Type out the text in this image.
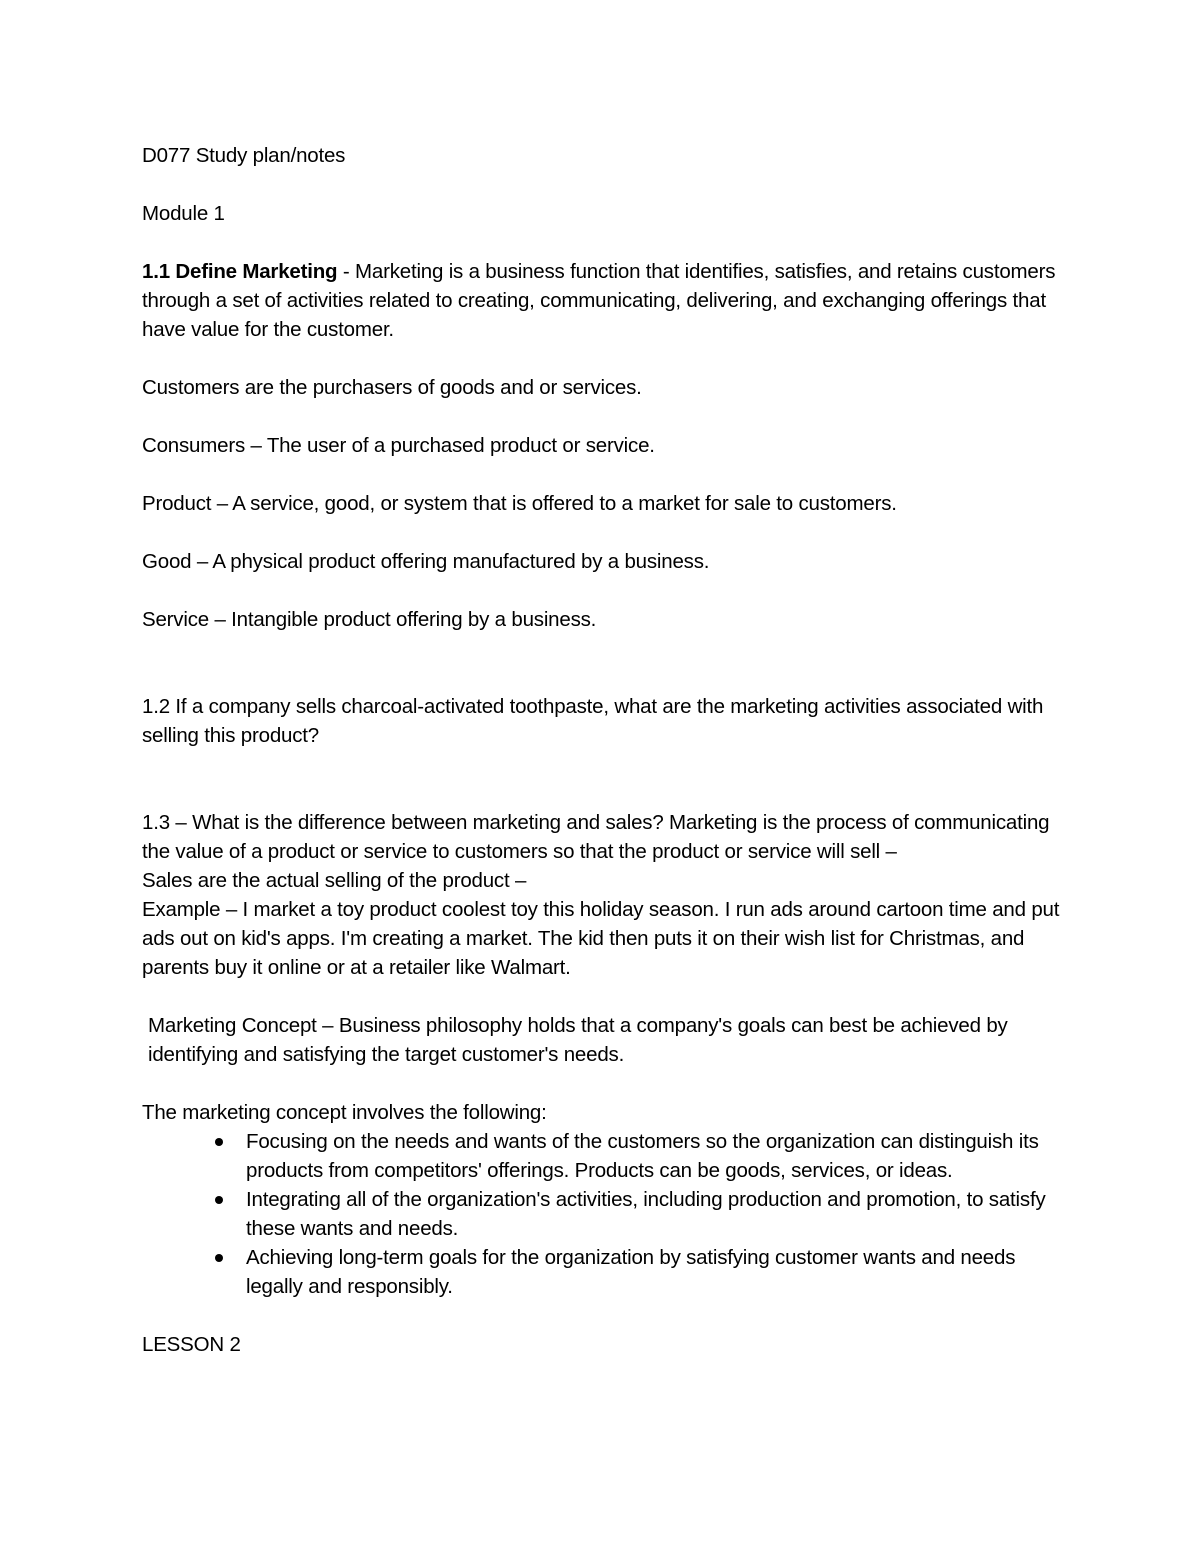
D077 Study plan/notes

Module 1

1.1 Define Marketing - Marketing is a business function that identifies, satisfies, and retains customers through a set of activities related to creating, communicating, delivering, and exchanging offerings that have value for the customer.

Customers are the purchasers of goods and or services.

Consumers – The user of a purchased product or service.

Product – A service, good, or system that is offered to a market for sale to customers.

Good – A physical product offering manufactured by a business.

Service – Intangible product offering by a business.

1.2 If a company sells charcoal-activated toothpaste, what are the marketing activities associated with selling this product?

1.3 – What is the difference between marketing and sales? Marketing is the process of communicating the value of a product or service to customers so that the product or service will sell –

Sales are the actual selling of the product –

Example – I market a toy product coolest toy this holiday season. I run ads around cartoon time and put ads out on kid's apps. I'm creating a market. The kid then puts it on their wish list for Christmas, and parents buy it online or at a retailer like Walmart.

Marketing Concept – Business philosophy holds that a company's goals can best be achieved by identifying and satisfying the target customer's needs.

The marketing concept involves the following:

Focusing on the needs and wants of the customers so the organization can distinguish its products from competitors' offerings. Products can be goods, services, or ideas.
Integrating all of the organization's activities, including production and promotion, to satisfy these wants and needs.
Achieving long-term goals for the organization by satisfying customer wants and needs legally and responsibly.

LESSON 2
